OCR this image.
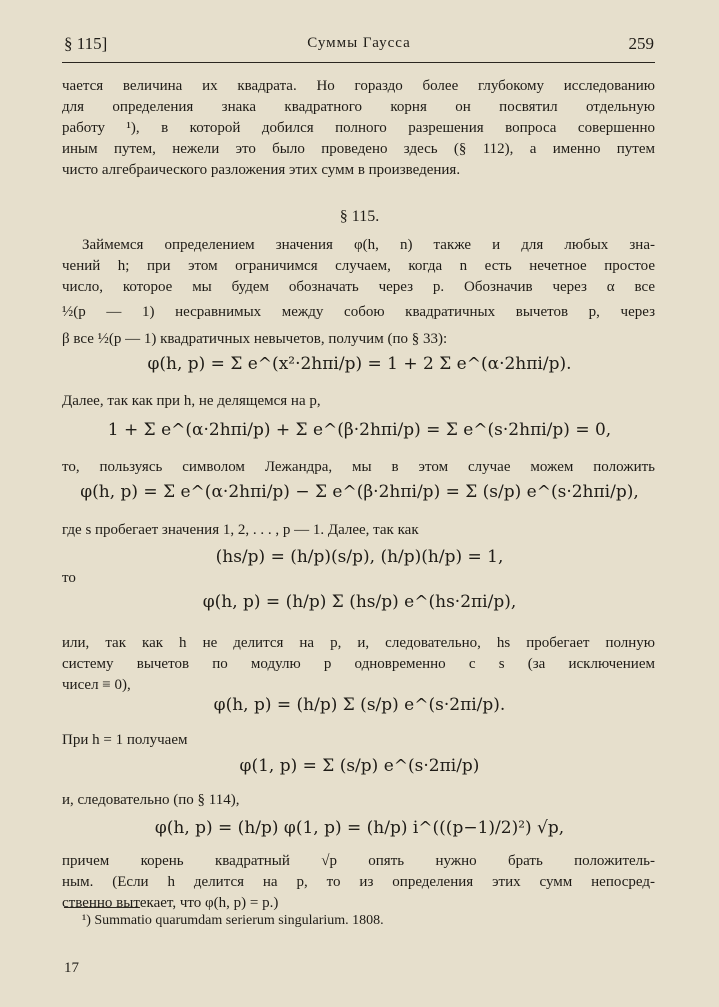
§ 115]	Суммы Гаусса	259
чается величина их квадрата. Но гораздо более глубокому исследованию
для определения знака квадратного корня он посвятил отдельную
работу ¹), в которой добился полного разрешения вопроса совершенно
иным путем, нежели это было проведено здесь (§ 112), а именно путем
чисто алгебраического разложения этих сумм в произведения.
§ 115.
Займемся определением значения φ(h, n) также и для любых зна-
чений h; при этом ограничимся случаем, когда n есть нечетное простое
число, которое мы будем обозначать через p. Обозначив через α все
½(p — 1) несравнимых между собою квадратичных вычетов p, через
β все ½(p — 1) квадратичных невычетов, получим (по § 33):
φ(h, p) = Σ e^(x²·2hπi/p) = 1 + 2 Σ e^(α·2hπi/p).
Далее, так как при h, не делящемся на p,
1 + Σ e^(α·2hπi/p) + Σ e^(β·2hπi/p) = Σ e^(s·2hπi/p) = 0,
то, пользуясь символом Лежандра, мы в этом случае можем положить
φ(h, p) = Σ e^(α·2hπi/p) − Σ e^(β·2hπi/p) = Σ (s/p) e^(s·2hπi/p),
где s пробегает значения 1, 2, . . . , p — 1. Далее, так как
(hs/p) = (h/p)(s/p), (h/p)(h/p) = 1,
то
φ(h, p) = (h/p) Σ (hs/p) e^(hs·2πi/p),
или, так как h не делится на p, и, следовательно, hs пробегает полную
систему вычетов по модулю p одновременно с s (за исключением
чисел ≡ 0),
φ(h, p) = (h/p) Σ (s/p) e^(s·2πi/p).
При h = 1 получаем
φ(1, p) = Σ (s/p) e^(s·2πi/p)
и, следовательно (по § 114),
φ(h, p) = (h/p) φ(1, p) = (h/p) i^(((p−1)/2)²) √p,
причем корень квадратный √p опять нужно брать положитель-
ным. (Если h делится на p, то из определения этих сумм непосред-
ственно вытекает, что φ(h, p) = p.)
¹) Summatio quarumdam serierum singularium. 1808.
17
